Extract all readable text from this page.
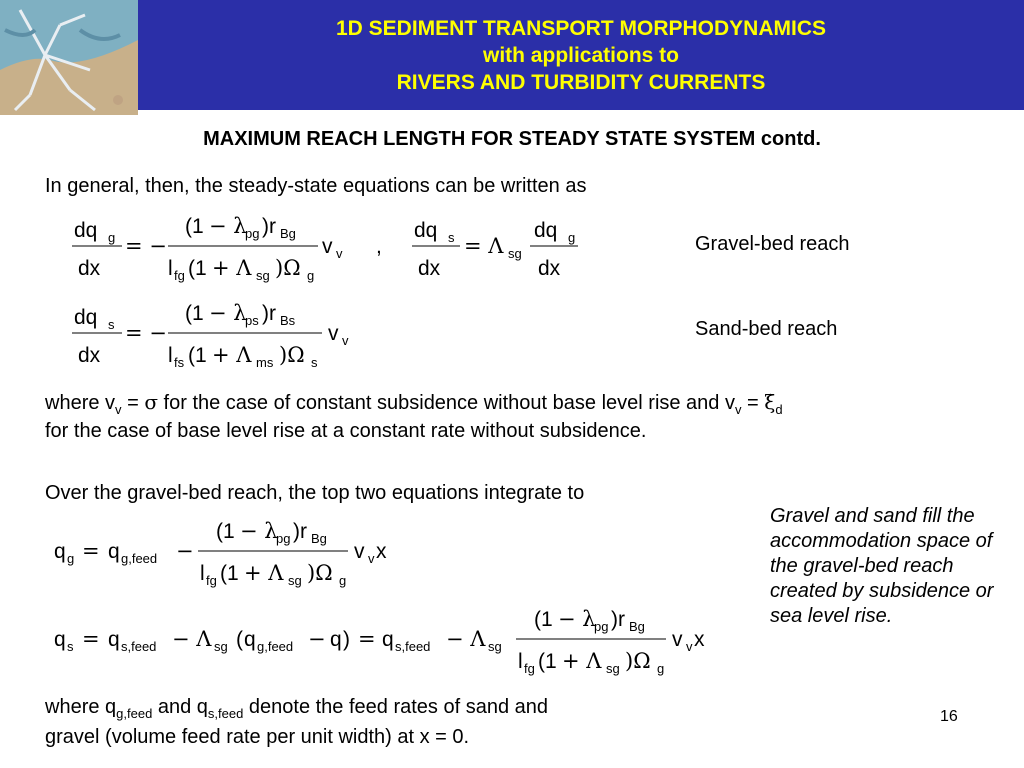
1D SEDIMENT TRANSPORT MORPHODYNAMICS
with applications to
RIVERS AND TURBIDITY CURRENTS
MAXIMUM REACH LENGTH FOR STEADY STATE SYSTEM contd.
In general, then, the steady-state equations can be written as
dq g
dx
= −
(1 − λ
pg )r Bg
l fg (1 + Λ sg )Ω g
v v ,
dq s
dx
= Λ sg
dq g
dx
Gravel-bed reach
dq s
dx
= −
(1 − λ
ps )r Bs
l fs (1 + Λ ms )Ω s
v v
Sand-bed reach
where $v_v = \sigma$ for the case of constant subsidence without base level rise and $v_v$ = $\xi̇_d$
for the case of base level rise at a constant rate without subsidence.
Over the gravel-bed reach, the top two equations integrate to
q g = q g,feed −
(1 − λ
pg )r Bg
l fg (1 + Λ sg )Ω g
v v x
q s = q s,feed − Λ sg ( q g,feed − q ) = q s,feed − Λ sg
(1 − λ
pg )r Bg
l fg (1 + Λ sg )Ω g
v v x
Gravel and sand fill the accommodation space of the gravel-bed reach created by subsidence or sea level rise.
where $q_{g,feed}$ and $q_{s,feed}$ denote the feed rates of sand and
gravel (volume feed rate per unit width) at x = 0.
16
